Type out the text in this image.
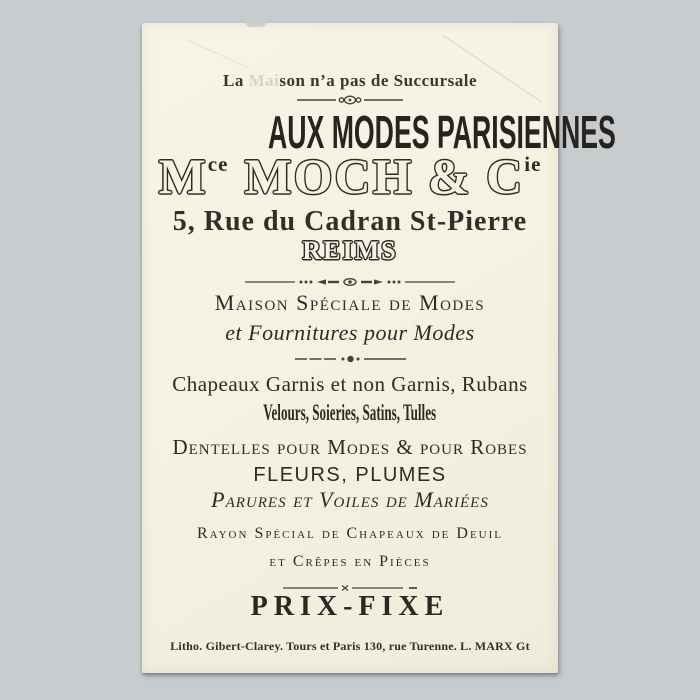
La Maison n’a pas de Succursale
AUX MODES PARISIENNES
$M^{ce}$ MOCH & $C^{ie}$
5, Rue du Cadran St-Pierre
REIMS
Maison Spéciale de Modes
et Fournitures pour Modes
Chapeaux Garnis et non Garnis, Rubans
Velours, Soieries, Satins, Tulles
Dentelles pour Modes & pour Robes
FLEURS, PLUMES
Parures et Voiles de Mariées
Rayon Spécial de Chapeaux de Deuil
et Crêpes en Pièces
PRIX-FIXE
Litho. Gibert-Clarey. Tours et Paris 130, rue Turenne. L. MARX Gt
